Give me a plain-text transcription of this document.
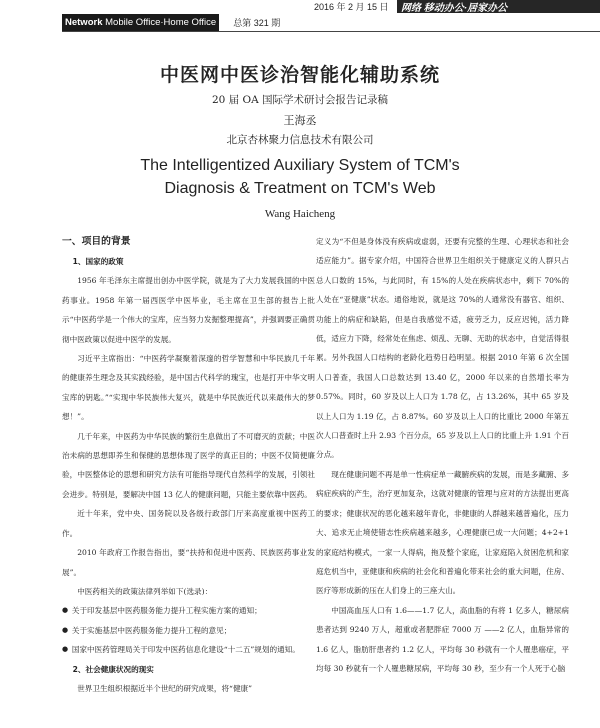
2016 年 2 月 15 日	网络 移动办公·居家办公
Network Mobile Office·Home Office	总第 321 期
中医网中医诊治智能化辅助系统
20 届 OA 国际学术研讨会报告记录稿
王海丞
北京杏林聚力信息技术有限公司
The Intelligentized Auxiliary System of TCM's
Diagnosis & Treatment on TCM's Web
Wang Haicheng
一、项目的背景
1、国家的政策

1956 年毛泽东主席提出创办中医学院，就是为了大力发展我国的中医药事业。1958 年第一届西医学中医毕业，毛主席在卫生部的报告上批示“中医药学是一个伟大的宝库，应当努力发掘整理提高”，并强调要正确贯彻中医政策以促进中医学的发展。

习近平主席指出：“中医药学凝聚着深邃的哲学智慧和中华民族几千年的健康养生理念及其实践经验，是中国古代科学的瑰宝，也是打开中华文明宝库的钥匙。”“实现中华民族伟大复兴，就是中华民族近代以来最伟大的梦想！”。

几千年来，中医药为中华民族的繁衍生息做出了不可磨灭的贡献；中医治未病的思想即养生和保健的思想体现了医学的真正目的；中医不仅简便廉验，中医整体论的思想和研究方法有可能指导现代自然科学的发展，引领社会进步。特别是，要解决中国 13 亿人的健康问题，只能主要依靠中医药。

近十年来，党中央、国务院以及各级行政部门厅来高度重视中医药工作。

2010 年政府工作报告指出，要“扶持和促进中医药、民族医药事业发展”。

中医药相关的政策法律列举如下(选录)：

● 关于印发基层中医药服务能力提升工程实施方案的通知；

● 关于实施基层中医药服务能力提升工程的意见；

● 国家中医药管理局关于印发中医药信息化建设“十二五”规划的通知。

2、社会健康状况的现实

世界卫生组织根据近半个世纪的研究成果，将“健康”

定义为“不但是身体没有疾病或虚弱，还要有完整的生理、心理状态和社会适应能力”。据专家介绍，中国符合世界卫生组织关于健康定义的人群只占总人口数的 15%，与此同时，有 15%的人处在疾病状态中，剩下 70%的人处在“亚健康”状态。通俗地说，就是这 70%的人通常没有器官、组织、功能上的病症和缺陷，但是自我感觉不适，疲劳乏力，反应迟钝，活力降低，适应力下降，经常处在焦虑、烦乱、无聊、无助的状态中，自觉活得很累。另外我国人口结构的老龄化趋势日趋明显。根据 2010 年第 6 次全国人口普查，我国人口总数达到 13.40 亿，2000 年以来的自然增长率为 0.57%。同时，60 岁及以上人口为 1.78 亿，占 13.26%，其中 65 岁及以上人口为 1.19 亿，占 8.87%。60 岁及以上人口的比重比 2000 年第五次人口普查时上升 2.93 个百分点，65 岁及以上人口的比重上升 1.91 个百分点。

现在健康问题不再是单一性病症单一藏腑疾病的发展，而是多藏腑、多病症疾病的产生，治疗更加复杂，这就对健康的管理与应对的方法提出更高的要求；健康状况的恶化越来越年青化，非健康的人群越来越普遍化，压力大、追求无止境使错志性疾病越来越多，心理健康已成一大问题；4+2+1 的家庭结构模式，一家一人得病，拖及整个家庭，让家庭陷入贫困危机和家庭危机当中，亚健康和疾病的社会化和普遍化带来社会的重大问题，住房、医疗等形成新的压在人们身上的三座大山。

中国高血压人口有 1.6——1.7 亿人，高血脂的有将 1 亿多人，糖尿病患者达到 9240 万人，超重或者肥胖症 7000 万 ——2 亿人，血脂异常的 1.6 亿人，脂肪肝患者约 1.2 亿人，平均每 30 秒就有一个人罹患癌症，平均每 30 秒就有一个人罹患糖尿病，平均每 30 秒，至少有一个人死于心脑
